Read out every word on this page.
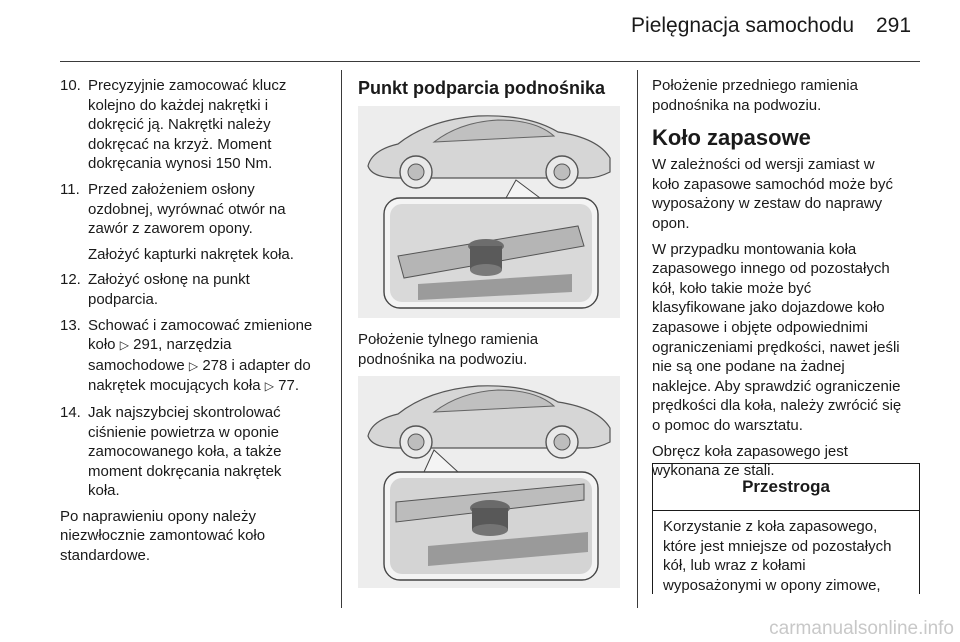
Pielęgnacja samochodu 291
10. Precyzyjnie zamocować klucz

kolejno do każdej nakrętki i

dokręcić ją. Nakrętki należy

dokręcać na krzyż. Moment

dokręcania wynosi 150 Nm.

11. Przed założeniem osłony

ozdobnej, wyrównać otwór na

zawór z zaworem opony.

Założyć kapturki nakrętek koła.

12. Założyć osłonę na punkt

podparcia.

13. Schować i zamocować zmienione

koło ▷ 291, narzędzia

samochodowe ▷ 278 i adapter do

nakrętek mocujących koła ▷ 77.

14. Jak najszybciej skontrolować

ciśnienie powietrza w oponie

zamocowanego koła, a także

moment dokręcania nakrętek

koła.

Po naprawieniu opony należy

niezwłocznie zamontować koło

standardowe.

Punkt podparcia podnośnika

Położenie tylnego ramienia
podnośnika na podwoziu.

Położenie przedniego ramienia
podnośnika na podwoziu.

Koło zapasowe

W zależności od wersji zamiast w
koło zapasowe samochód może być
wyposażony w zestaw do naprawy
opon.

W przypadku montowania koła
zapasowego innego od pozostałych
kół, koło takie może być
klasyfikowane jako dojazdowe koło
zapasowe i objęte odpowiednimi
ograniczeniami prędkości, nawet jeśli
nie są one podane na żadnej
naklejce. Aby sprawdzić ograniczenie
prędkości dla koła, należy zwrócić się
o pomoc do warsztatu.

Obręcz koła zapasowego jest
wykonana ze stali.

Przestroga
Korzystanie z koła zapasowego,
które jest mniejsze od pozostałych
kół, lub wraz z kołami
wyposażonymi w opony zimowe,
carmanualsonline.info
